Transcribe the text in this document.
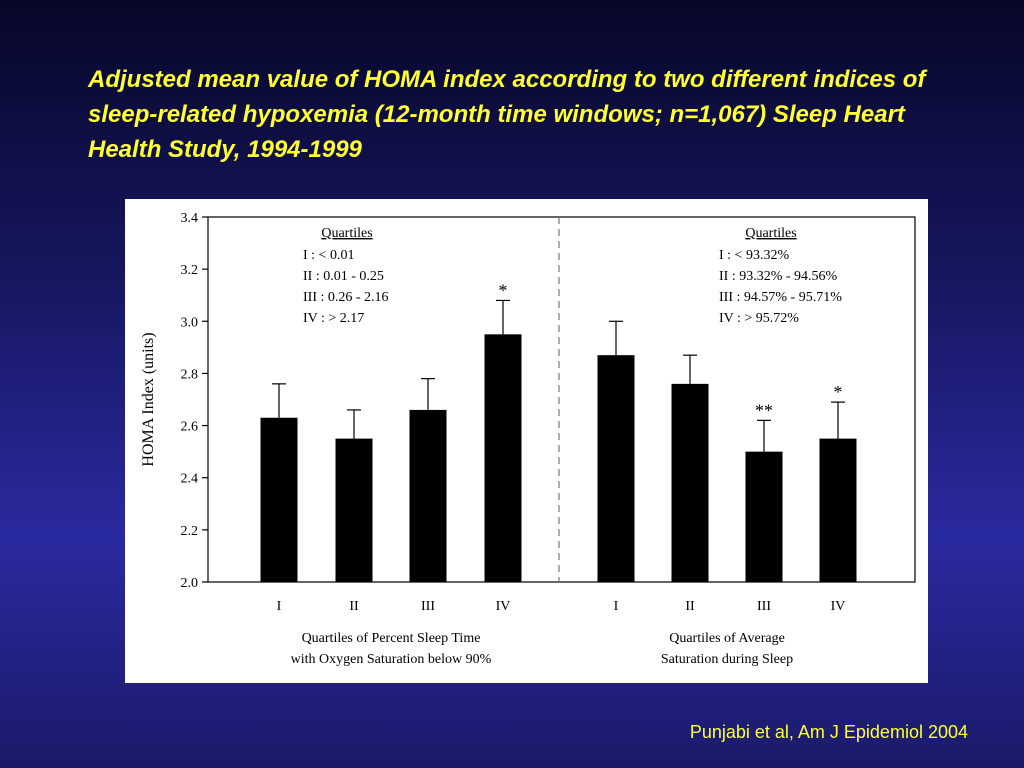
Adjusted mean value of HOMA index according to two different indices of sleep-related hypoxemia (12-month time windows; n=1,067) Sleep Heart Health Study, 1994-1999
2.0
2.2
2.4
2.6
2.8
3.0
3.2
3.4
HOMA Index (units)
I	II	III
*
IV
Quartiles of Percent Sleep Time
with Oxygen Saturation below 90%
Quartiles
I : < 0.01
II : 0.01 - 0.25
III : 0.26 - 2.16
IV : > 2.17
I	II
**
III
*
IV
Quartiles of Average
Saturation during Sleep
Quartiles
I : < 93.32%
II : 93.32% - 94.56%
III : 94.57% - 95.71%
IV : > 95.72%
Punjabi et al, Am J Epidemiol 2004
